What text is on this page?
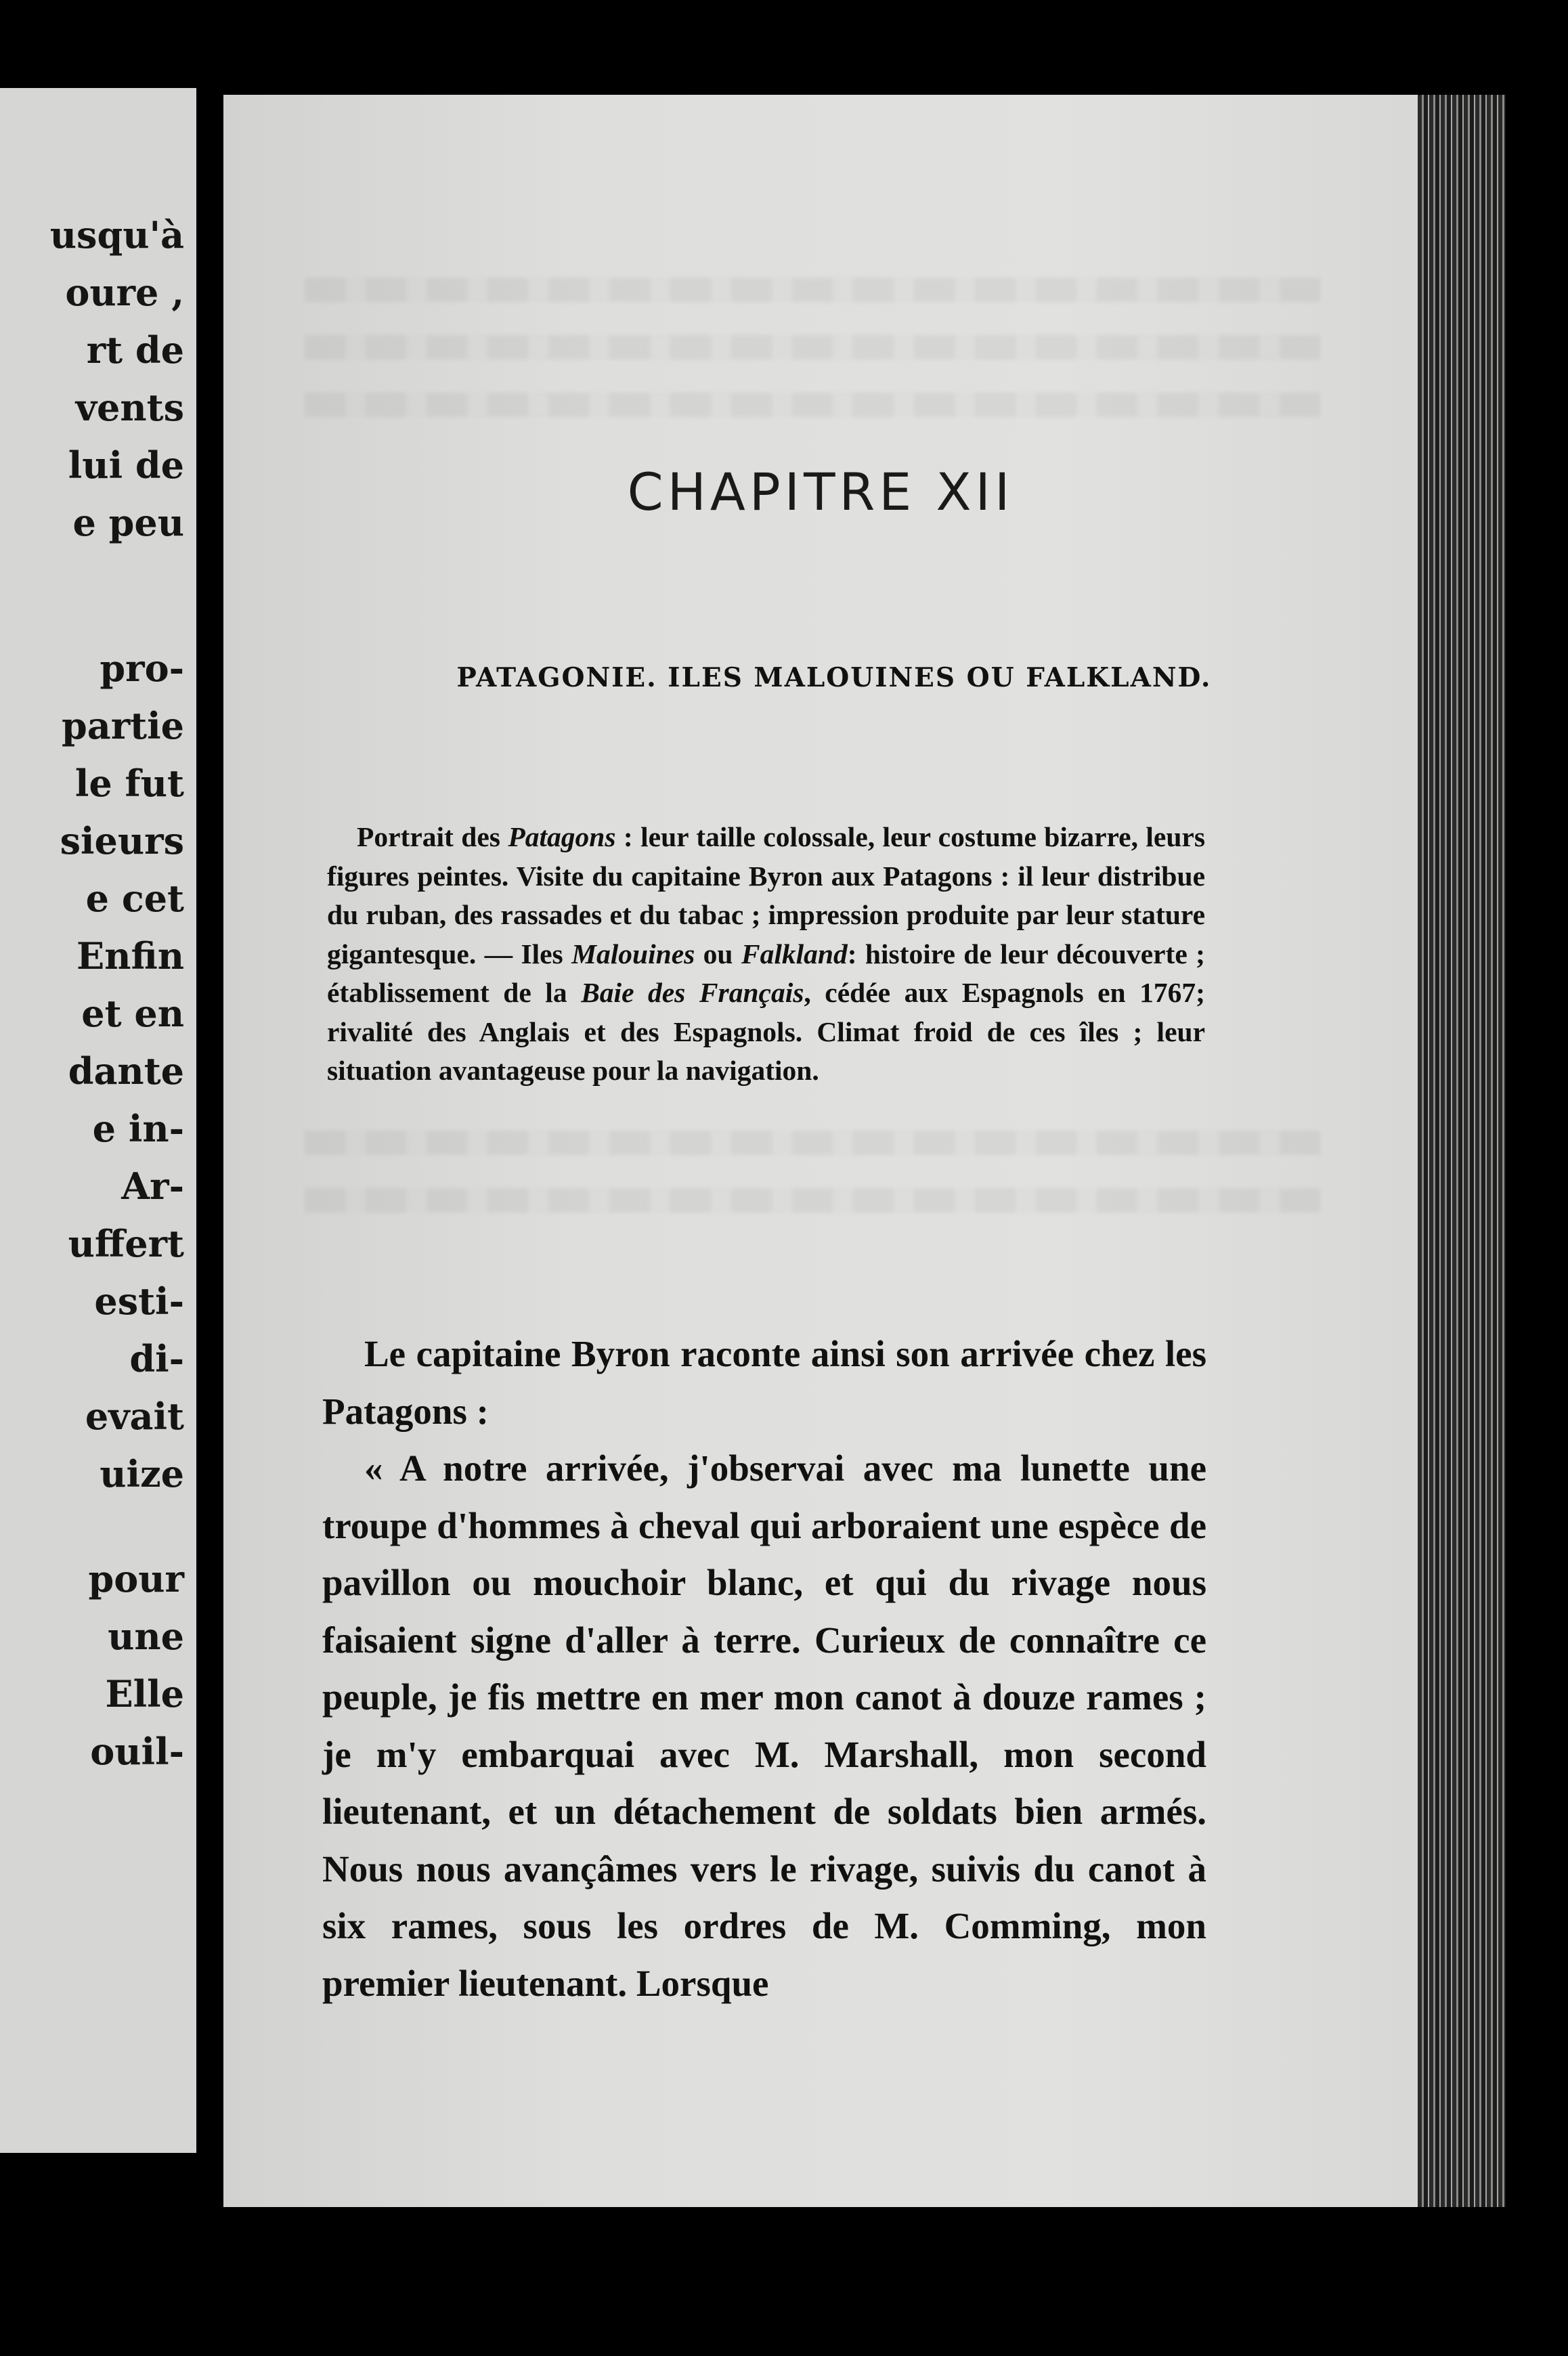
usqu'à
oure ,
rt de
vents
lui de
e peu
pro-
partie
le fut
sieurs
e cet
Enfin
et en
dante
e in-
Ar-
uffert
esti-
di-
evait
uize
pour
une
Elle
ouil-
CHAPITRE XII
PATAGONIE. ILES MALOUINES OU FALKLAND.
Portrait des Patagons : leur taille colossale, leur costume bizarre, leurs figures peintes. Visite du capitaine Byron aux Patagons : il leur distribue du ruban, des rassades et du tabac ; impression produite par leur stature gigantesque. — Iles Malouines ou Falkland: histoire de leur découverte ; établissement de la Baie des Français, cédée aux Espagnols en 1767; rivalité des Anglais et des Espagnols. Climat froid de ces îles ; leur situation avantageuse pour la navigation.

Le capitaine Byron raconte ainsi son arrivée chez les Patagons :

« A notre arrivée, j'observai avec ma lunette une troupe d'hommes à cheval qui arboraient une espèce de pavillon ou mouchoir blanc, et qui du rivage nous faisaient signe d'aller à terre. Curieux de connaître ce peuple, je fis mettre en mer mon canot à douze rames ; je m'y embarquai avec M. Marshall, mon second lieutenant, et un détachement de soldats bien armés. Nous nous avançâmes vers le rivage, suivis du canot à six rames, sous les ordres de M. Comming, mon premier lieutenant. Lorsque
